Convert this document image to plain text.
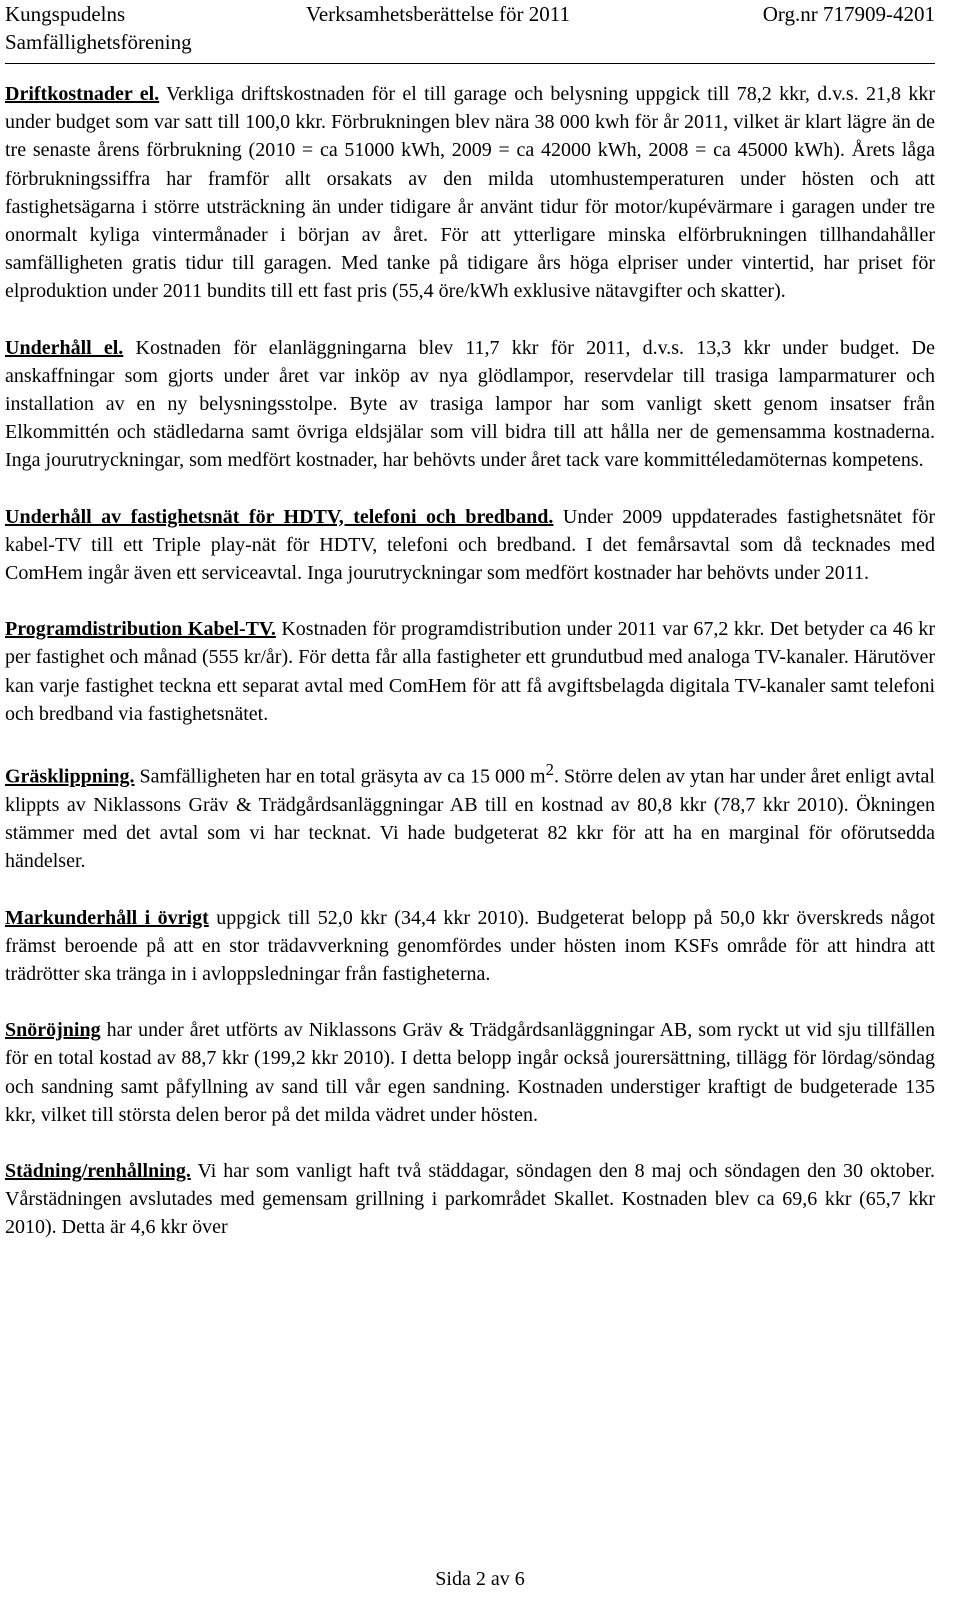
Kungspudelns
Samfällighetsförening
Verksamhetsberättelse för 2011	Org.nr 717909-4201

Driftkostnader el. Verkliga driftskostnaden för el till garage och belysning uppgick till 78,2 kkr, d.v.s. 21,8 kkr under budget som var satt till 100,0 kkr. Förbrukningen blev nära 38 000 kwh för år 2011, vilket är klart lägre än de tre senaste årens förbrukning (2010 = ca 51000 kWh, 2009 = ca 42000 kWh, 2008 = ca 45000 kWh). Årets låga förbrukningssiffra har framför allt orsakats av den milda utomhustemperaturen under hösten och att fastighetsägarna i större utsträckning än under tidigare år använt tidur för motor/kupévärmare i garagen under tre onormalt kyliga vintermånader i början av året. För att ytterligare minska elförbrukningen tillhandahåller samfälligheten gratis tidur till garagen. Med tanke på tidigare års höga elpriser under vintertid, har priset för elproduktion under 2011 bundits till ett fast pris (55,4 öre/kWh exklusive nätavgifter och skatter).

Underhåll el. Kostnaden för elanläggningarna blev 11,7 kkr för 2011, d.v.s. 13,3 kkr under budget. De anskaffningar som gjorts under året var inköp av nya glödlampor, reservdelar till trasiga lamparmaturer och installation av en ny belysningsstolpe. Byte av trasiga lampor har som vanligt skett genom insatser från Elkommittén och städledarna samt övriga eldsjälar som vill bidra till att hålla ner de gemensamma kostnaderna. Inga jourutryckningar, som medfört kostnader, har behövts under året tack vare kommittéledamöternas kompetens.

Underhåll av fastighetsnät för HDTV, telefoni och bredband. Under 2009 uppdaterades fastighetsnätet för kabel-TV till ett Triple play-nät för HDTV, telefoni och bredband. I det femårsavtal som då tecknades med ComHem ingår även ett serviceavtal. Inga jourutryckningar som medfört kostnader har behövts under 2011.

Programdistribution Kabel-TV. Kostnaden för programdistribution under 2011 var 67,2 kkr. Det betyder ca 46 kr per fastighet och månad (555 kr/år). För detta får alla fastigheter ett grundutbud med analoga TV-kanaler. Härutöver kan varje fastighet teckna ett separat avtal med ComHem för att få avgiftsbelagda digitala TV-kanaler samt telefoni och bredband via fastighetsnätet.

Gräsklippning. Samfälligheten har en total gräsyta av ca 15 000 $m^2$. Större delen av ytan har under året enligt avtal klippts av Niklassons Gräv & Trädgårdsanläggningar AB till en kostnad av 80,8 kkr (78,7 kkr 2010). Ökningen stämmer med det avtal som vi har tecknat. Vi hade budgeterat 82 kkr för att ha en marginal för oförutsedda händelser.

Markunderhåll i övrigt uppgick till 52,0 kkr (34,4 kkr 2010). Budgeterat belopp på 50,0 kkr överskreds något främst beroende på att en stor trädavverkning genomfördes under hösten inom KSFs område för att hindra att trädrötter ska tränga in i avloppsledningar från fastigheterna.

Snöröjning har under året utförts av Niklassons Gräv & Trädgårdsanläggningar AB, som ryckt ut vid sju tillfällen för en total kostad av 88,7 kkr (199,2 kkr 2010). I detta belopp ingår också jourersättning, tillägg för lördag/söndag och sandning samt påfyllning av sand till vår egen sandning. Kostnaden understiger kraftigt de budgeterade 135 kkr, vilket till största delen beror på det milda vädret under hösten.

Städning/renhållning. Vi har som vanligt haft två städdagar, söndagen den 8 maj och söndagen den 30 oktober. Vårstädningen avslutades med gemensam grillning i parkområdet Skallet. Kostnaden blev ca 69,6 kkr (65,7 kkr 2010). Detta är 4,6 kkr över

Sida 2 av 6
